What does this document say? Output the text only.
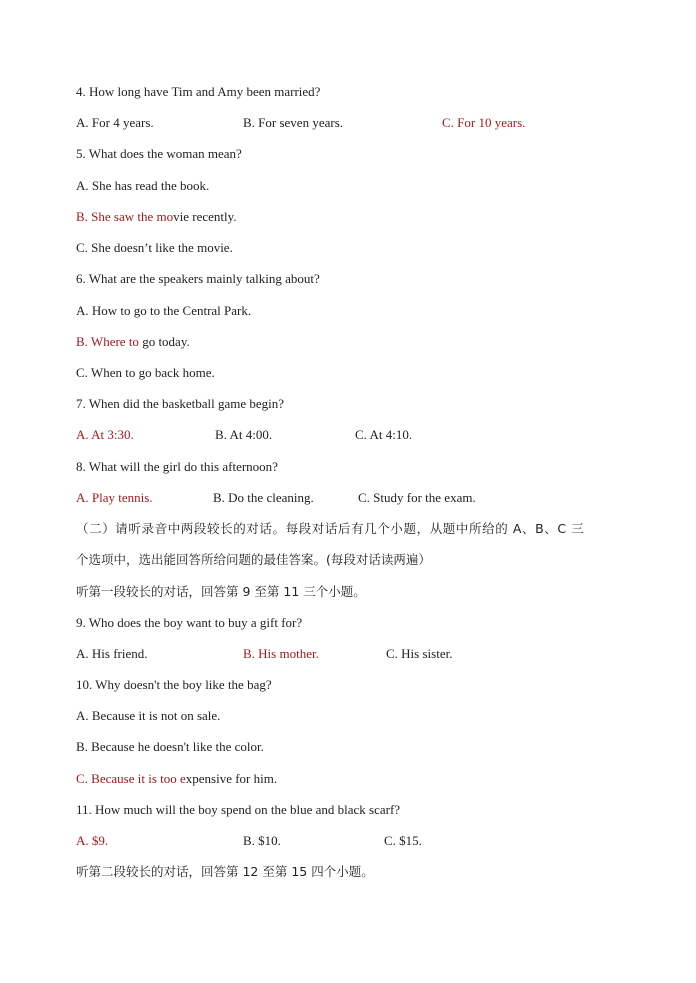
4. How long have Tim and Amy been married?
A. For 4 years.	B. For seven years.	C. For 10 years.
5. What does the woman mean?
A. She has read the book.
B. She saw the movie recently.
C. She doesn’t like the movie.
6. What are the speakers mainly talking about?
A. How to go to the Central Park.
B. Where to go today.
C. When to go back home.
7. When did the basketball game begin?
A. At 3:30.	B. At 4:00.	C. At 4:10.
8. What will the girl do this afternoon?
A. Play tennis.	B. Do the cleaning.	C. Study for the exam.
（二）请听录音中两段较长的对话。每段对话后有几个小题，从题中所给的 A、B、C 三
个选项中，选出能回答所给问题的最佳答案。(每段对话读两遍）
听第一段较长的对话，回答第 9 至第 11 三个小题。
9. Who does the boy want to buy a gift for?
A. His friend.	B. His mother.	C. His sister.
10. Why doesn't the boy like the bag?
A. Because it is not on sale.
B. Because he doesn't like the color.
C. Because it is too expensive for him.
11. How much will the boy spend on the blue and black scarf?
A. $9.	B. $10.	C. $15.
听第二段较长的对话，回答第 12 至第 15 四个小题。
